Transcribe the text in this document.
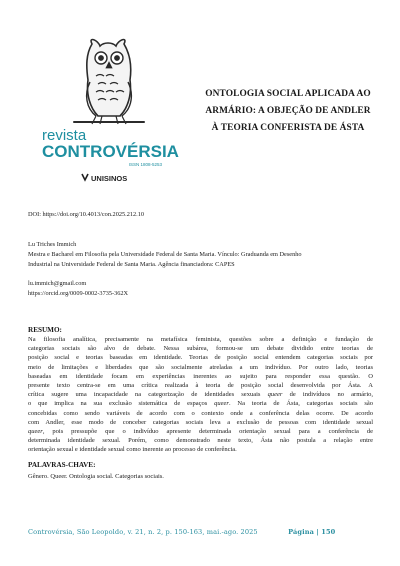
revista
CONTROVÉRSIA
ISSN 1808-5253
UNISINOS
ONTOLOGIA SOCIAL APLICADA AO
ARMÁRIO: A OBJEÇÃO DE ANDLER
À TEORIA CONFERISTA DE ÁSTA
DOI: https://doi.org/10.4013/con.2025.212.10
Lu Triches Immich
Mestra e Bacharel em Filosofia pela Universidade Federal de Santa Maria. Vínculo: Graduanda em Desenho
Industrial na Universidade Federal de Santa Maria. Agência financiadora: CAPES
lu.immich@gmail.com
https://orcid.org/0009-0002-3735-362X
RESUMO:
Na filosofia analítica, precisamente na metafísica feminista, questões sobre a definição e fundação de
categorias sociais são alvo de debate. Nessa subárea, formou-se um debate dividido entre teorias de
posição social e teorias baseadas em identidade. Teorias de posição social entendem categorias sociais por
meio de limitações e liberdades que são socialmente atreladas a um indivíduo. Por outro lado, teorias
baseadas em identidade focam em experiências inerentes ao sujeito para responder essa questão. O
presente texto centra-se em uma crítica realizada à teoria de posição social desenvolvida por Ásta. A
crítica sugere uma incapacidade na categorização de identidades sexuais queer de indivíduos no armário,
o que implica na sua exclusão sistemática de espaços queer. Na teoria de Ásta, categorias sociais são
concebidas como sendo variáveis de acordo com o contexto onde a conferência delas ocorre. De acordo
com Andler, esse modo de conceber categorias sociais leva a exclusão de pessoas com identidade sexual
queer, pois pressupõe que o indivíduo apresente determinada orientação sexual para a conferência de
determinada identidade sexual. Porém, como demonstrado neste texto, Ásta não postula a relação entre
orientação sexual e identidade sexual como inerente ao processo de conferência.
PALAVRAS-CHAVE:
Gênero. Queer. Ontologia social. Categorias sociais.
Controvérsia, São Leopoldo, v. 21, n. 2, p. 150-163, mai.-ago. 2025	Página | 150
